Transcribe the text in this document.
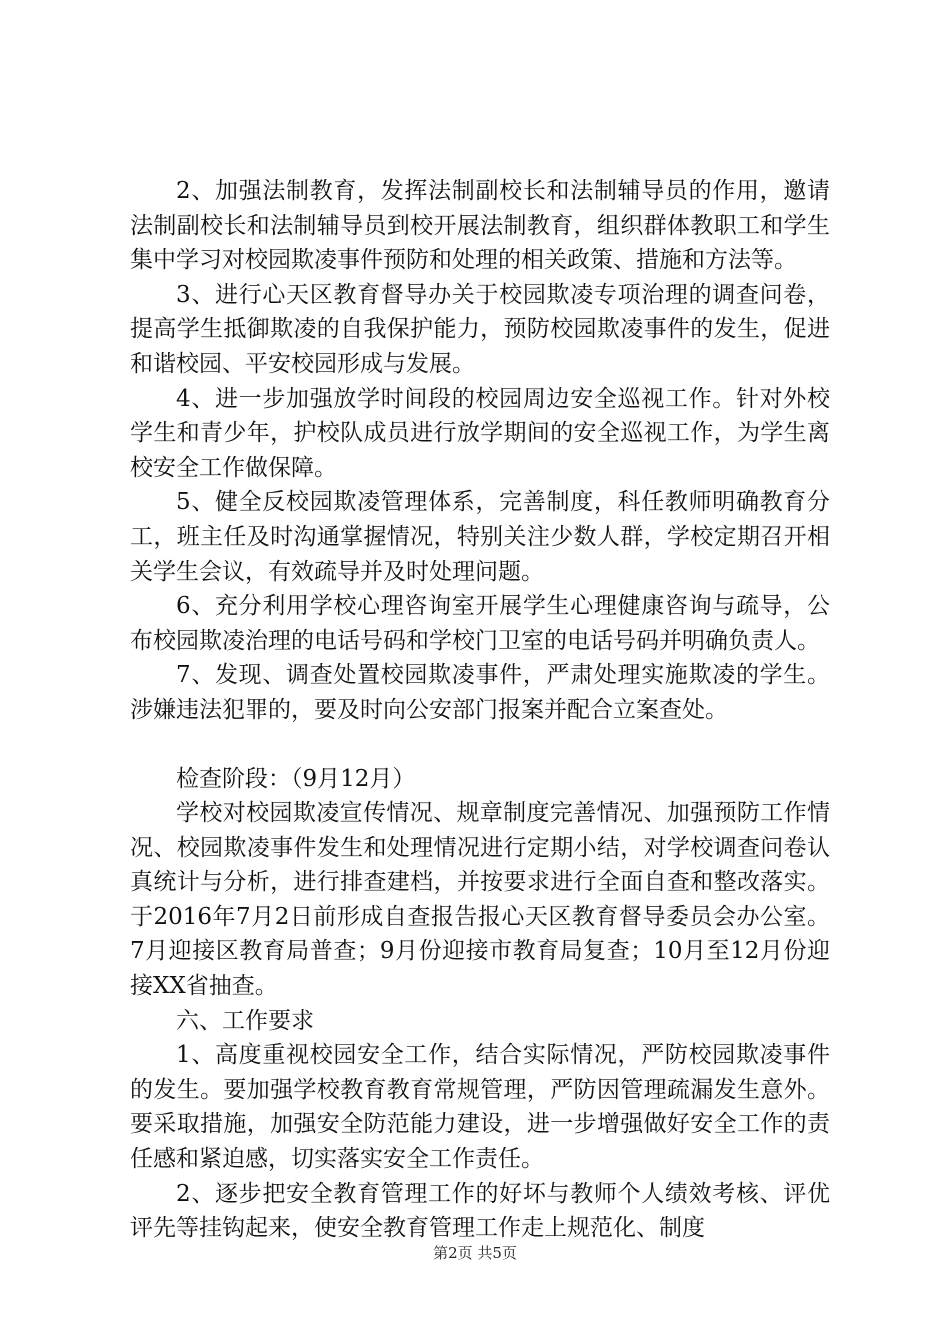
2、加强法制教育，发挥法制副校长和法制辅导员的作用，邀请法制副校长和法制辅导员到校开展法制教育，组织群体教职工和学生集中学习对校园欺凌事件预防和处理的相关政策、措施和方法等。

3、进行心天区教育督导办关于校园欺凌专项治理的调查问卷，提高学生抵御欺凌的自我保护能力，预防校园欺凌事件的发生，促进和谐校园、平安校园形成与发展。

4、进一步加强放学时间段的校园周边安全巡视工作。针对外校学生和青少年，护校队成员进行放学期间的安全巡视工作，为学生离校安全工作做保障。

5、健全反校园欺凌管理体系，完善制度，科任教师明确教育分工，班主任及时沟通掌握情况，特别关注少数人群，学校定期召开相关学生会议，有效疏导并及时处理问题。

6、充分利用学校心理咨询室开展学生心理健康咨询与疏导，公布校园欺凌治理的电话号码和学校门卫室的电话号码并明确负责人。

7、发现、调查处置校园欺凌事件，严肃处理实施欺凌的学生。涉嫌违法犯罪的，要及时向公安部门报案并配合立案查处。

检查阶段：（9月12月）

学校对校园欺凌宣传情况、规章制度完善情况、加强预防工作情况、校园欺凌事件发生和处理情况进行定期小结，对学校调查问卷认真统计与分析，进行排查建档，并按要求进行全面自查和整改落实。于2016年7月2日前形成自查报告报心天区教育督导委员会办公室。7月迎接区教育局普查；9月份迎接市教育局复查；10月至12月份迎接XX省抽查。

六、工作要求

1、高度重视校园安全工作，结合实际情况，严防校园欺凌事件的发生。要加强学校教育教育常规管理，严防因管理疏漏发生意外。要采取措施，加强安全防范能力建设，进一步增强做好安全工作的责任感和紧迫感，切实落实安全工作责任。

2、逐步把安全教育管理工作的好坏与教师个人绩效考核、评优评先等挂钩起来，使安全教育管理工作走上规范化、制度

第2页 共5页
